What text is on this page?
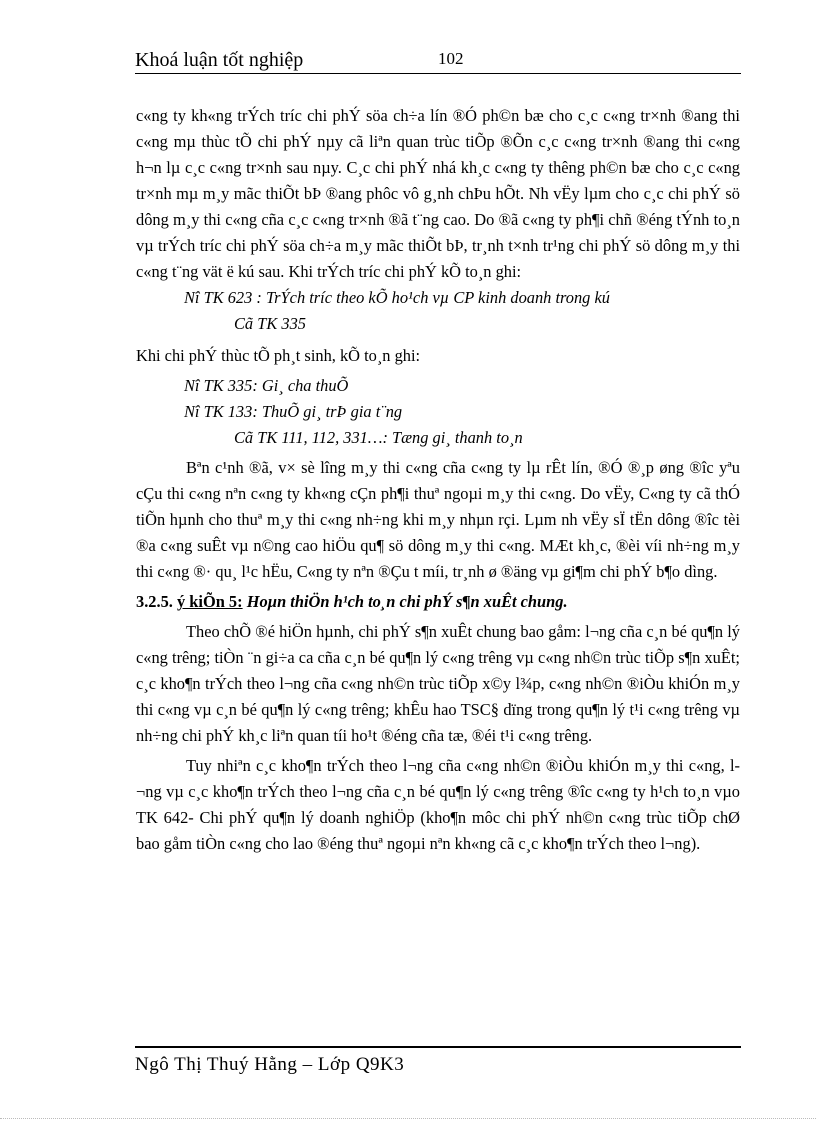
Khoá luận tốt nghiệp	102

c«ng ty kh«ng trÝch tríc chi phÝ söa ch÷a lín ®Ó ph©n bæ cho c¸c c«ng tr×nh ®ang thi c«ng mµ thùc tÕ chi phÝ nµy cã liªn quan trùc tiÕp ®Õn c¸c c«ng tr×nh ®ang thi c«ng h¬n lµ c¸c c«ng tr×nh sau nµy. C¸c chi phÝ nhá kh¸c c«ng ty thêng ph©n bæ cho c¸c c«ng tr×nh mµ m¸y mãc thiÕt bÞ ®ang phôc vô g¸nh chÞu hÕt. Nh vËy lµm cho c¸c chi phÝ sö dông m¸y thi c«ng cña c¸c c«ng tr×nh ®ã t¨ng cao. Do ®ã c«ng ty ph¶i chñ ®éng tÝnh to¸n vµ trÝch tríc chi phÝ söa ch÷a m¸y mãc thiÕt bÞ, tr¸nh t×nh tr¹ng chi phÝ sö dông m¸y thi c«ng t¨ng vät ë kú sau. Khi trÝch tríc chi phÝ kÕ to¸n ghi:

Nî TK 623 : TrÝch tríc theo kÕ ho¹ch vµ CP kinh doanh trong kú

Cã TK 335

Khi chi phÝ thùc tÕ ph¸t sinh, kÕ to¸n ghi:

Nî TK 335: Gi¸ cha thuÕ

Nî TK 133: ThuÕ gi¸ trÞ gia t¨ng

Cã TK 111, 112, 331…: Tæng gi¸ thanh to¸n

Bªn c¹nh ®ã, v× sè lîng m¸y thi c«ng cña c«ng ty lµ rÊt lín, ®Ó ®¸p øng ®îc yªu cÇu thi c«ng nªn c«ng ty kh«ng cÇn ph¶i thuª ngoµi m¸y thi c«ng. Do vËy, C«ng ty cã thÓ tiÕn hµnh cho thuª m¸y thi c«ng nh÷ng khi m¸y nhµn rçi. Lµm nh vËy sÏ tËn dông ®îc tèi ®a c«ng suÊt vµ n©ng cao hiÖu qu¶ sö dông m¸y thi c«ng. MÆt kh¸c, ®èi víi nh÷ng m¸y thi c«ng ®· qu¸ l¹c hËu, C«ng ty nªn ®Çu t míi, tr¸nh ø ®äng vµ gi¶m chi phÝ b¶o dìng.

3.2.5. ý kiÕn 5: Hoµn thiÖn h¹ch to¸n chi phÝ s¶n xuÊt chung.

Theo chÕ ®é hiÖn hµnh, chi phÝ s¶n xuÊt chung bao gåm: l¬ng cña c¸n bé qu¶n lý c«ng trêng; tiÒn ¨n gi÷a ca cña c¸n bé qu¶n lý c«ng trêng vµ c«ng nh©n trùc tiÕp s¶n xuÊt; c¸c kho¶n trÝch theo l¬ng cña c«ng nh©n trùc tiÕp x©y l¾p, c«ng nh©n ®iÒu khiÓn m¸y thi c«ng vµ c¸n bé qu¶n lý c«ng trêng; khÊu hao TSC§ dïng trong qu¶n lý t¹i c«ng trêng vµ nh÷ng chi phÝ kh¸c liªn quan tíi ho¹t ®éng cña tæ, ®éi t¹i c«ng trêng.

Tuy nhiªn c¸c kho¶n trÝch theo l¬ng cña c«ng nh©n ®iÒu khiÓn m¸y thi c«ng, l¬ng vµ c¸c kho¶n trÝch theo l¬ng cña c¸n bé qu¶n lý c«ng trêng ®îc c«ng ty h¹ch to¸n vµo TK 642- Chi phÝ qu¶n lý doanh nghiÖp (kho¶n môc chi phÝ nh©n c«ng trùc tiÕp chØ bao gåm tiÒn c«ng cho lao ®éng thuª ngoµi nªn kh«ng cã c¸c kho¶n trÝch theo l¬ng).

Ngô Thị Thuý Hằng – Lớp Q9K3
